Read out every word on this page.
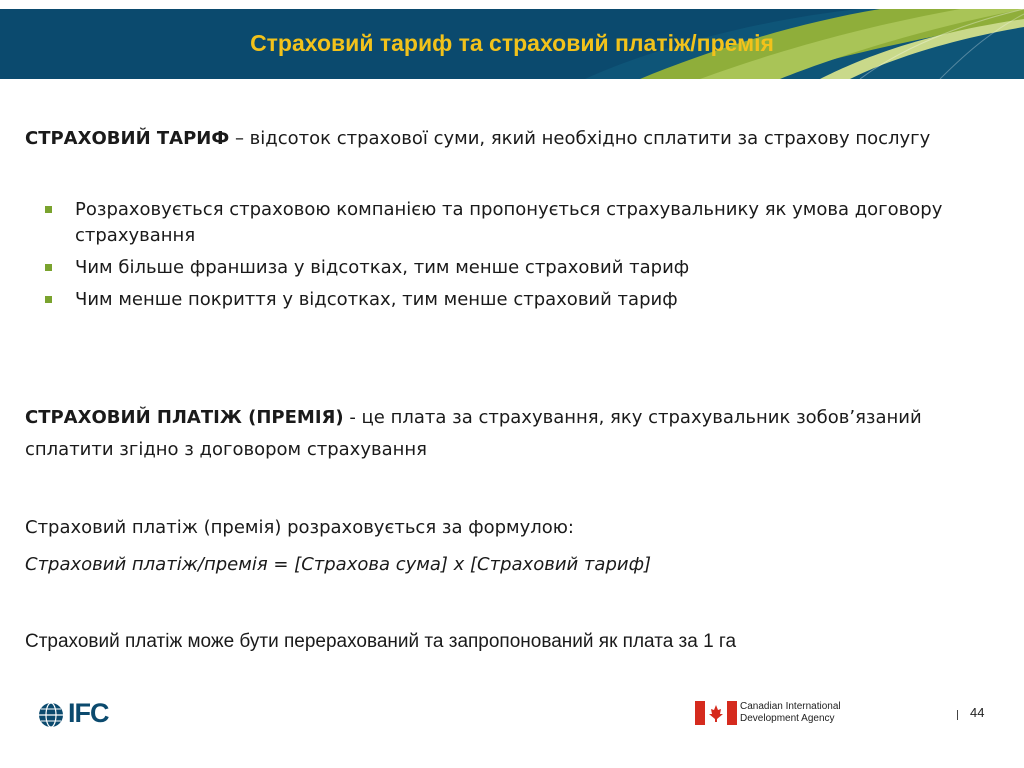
Страховий тариф та страховий платіж/премія
СТРАХОВИЙ ТАРИФ – відсоток страхової суми, який необхідно сплатити за страхову послугу
Розраховується страховою компанією та пропонується страхувальнику як умова договору страхування
Чим більше франшиза у відсотках, тим менше страховий тариф
Чим менше покриття у відсотках, тим менше страховий тариф
СТРАХОВИЙ ПЛАТІЖ (ПРЕМІЯ) - це плата за страхування, яку страхувальник зобов’язаний сплатити згідно з договором страхування
Страховий платіж (премія) розраховується за формулою:
Страховий платіж/премія = [Страхова сума] х [Страховий тариф]
Страховий платіж може бути перерахований та запропонований як плата за 1 га
IFC	Canadian International
Development Agency	44
